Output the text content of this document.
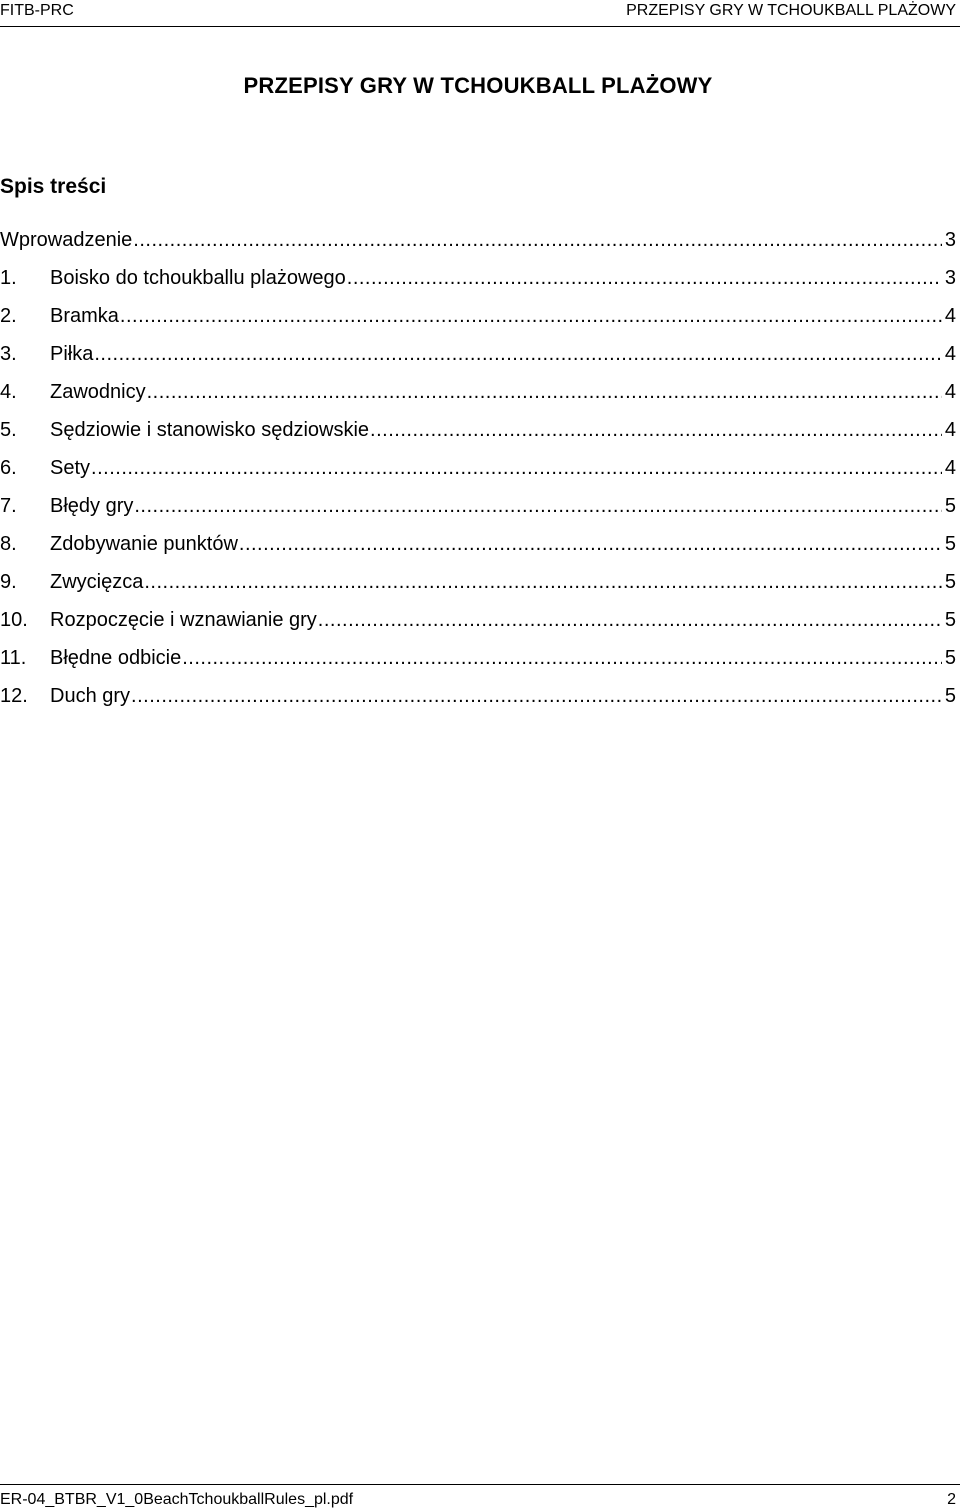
FITB-PRC	PRZEPISY GRY W TCHOUKBALL PLAŻOWY
PRZEPISY GRY W TCHOUKBALL PLAŻOWY
Spis treści
Wprowadzenie .....	3
1.	Boisko do tchoukballu plażowego .....	3
2.	Bramka .....	4
3.	Piłka .....	4
4.	Zawodnicy .....	4
5.	Sędziowie i stanowisko sędziowskie .....	4
6.	Sety .....	4
7.	Błędy gry .....	5
8.	Zdobywanie punktów .....	5
9.	Zwycięzca .....	5
10.	Rozpoczęcie i wznawianie gry .....	5
11.	Błędne odbicie .....	5
12.	Duch gry .....	5
ER-04_BTBR_V1_0BeachTchoukballRules_pl.pdf	2
